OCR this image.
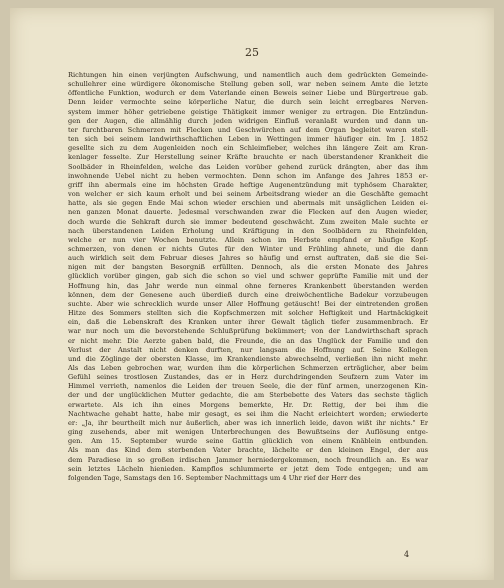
25
Richtungen hin einen verjüngten Aufschwung, und namentlich auch dem gedrückten Gemeinde-
schullehrer eine würdigere ökonomische Stellung geben soll, war neben seinem Amte die letzte
öffentliche Funktion, wodurch er dem Vaterlande einen Beweis seiner Liebe und Bürgertreue gab.
Denn leider vermochte seine körperliche Natur, die durch sein leicht erregbares Nerven-
system immer höher getriebene geistige Thätigkeit immer weniger zu ertragen. Die Entzündun-
gen der Augen, die allmählig durch jeden widrigen Einfluß veranlaßt wurden und dann un-
ter furchtbaren Schmerzen mit Flecken und Geschwürchen auf dem Organ begleitet waren stell-
ten sich bei seinem landwirthschaftlichen Leben in Wettingen immer häufiger ein. Im J. 1852
gesellte sich zu dem Augenleiden noch ein Schleimfieber, welches ihn längere Zeit am Kran-
kenlager fesselte. Zur Herstellung seiner Kräfte brauchte er nach überstandener Krankheit die
Soolbäder in Rheinfelden, welche das Leiden vorüber gehend zurück drängten, aber das ihm
inwohnende Uebel nicht zu heben vermochten. Denn schon im Anfange des Jahres 1853 er-
griff ihn abermals eine im höchsten Grade heftige Augenentzündung mit typhösem Charakter,
von welcher er sich kaum erholt und bei seinem Arbeitsdrang wieder an die Geschäfte gemacht
hatte, als sie gegen Ende Mai schon wieder erschien und abermals mit unsäglichen Leiden ei-
nen ganzen Monat dauerte. Jedesmal verschwanden zwar die Flecken auf den Augen wieder,
doch wurde die Sehkraft durch sie immer bedeutend geschwächt. Zum zweiten Male suchte er
nach überstandenen Leiden Erholung und Kräftigung in den Soolbädern zu Rheinfelden,
welche er nun vier Wochen benutzte. Allein schon im Herbste empfand er häufige Kopf-
schmerzen, von denen er nichts Gutes für den Winter und Frühling ahnete, und die dann
auch wirklich seit dem Februar dieses Jahres so häufig und ernst auftraten, daß sie die Sei-
nigen mit der bangsten Besorgniß erfüllten. Dennoch, als die ersten Monate des Jahres
glücklich vorüber gingen, gab sich die schon so viel und schwer geprüfte Familie mit und der
Hoffnung hin, das Jahr werde nun einmal ohne ferneres Krankenbett überstanden werden
können, dem der Genesene auch überdieß durch eine dreiwöchentliche Badekur vorzubeugen
suchte. Aber wie schrecklich wurde unser Aller Hoffnung getäuscht! Bei der eintretenden großen
Hitze des Sommers stellten sich die Kopfschmerzen mit solcher Heftigkeit und Hartnäckigkeit
ein, daß die Lebenskraft des Kranken unter ihrer Gewalt täglich tiefer zusammenbrach. Er
war nur noch um die bevorstehende Schlußprüfung bekümmert; von der Landwirthschaft sprach
er nicht mehr. Die Aerzte gaben bald, die Freunde, die an das Unglück der Familie und den
Verlust der Anstalt nicht denken durften, nur langsam die Hoffnung auf. Seine Kollegen
und die Zöglinge der obersten Klasse, im Krankendienste abwechselnd, verließen ihn nicht mehr.
Als das Leben gebrochen war, wurden ihm die körperlichen Schmerzen erträglicher, aber beim
Gefühl seines trostlosen Zustandes, das er in Herz durchdringenden Seufzern zum Vater im
Himmel verrieth, namenlos die Leiden der treuen Seele, die der fünf armen, unerzogenen Kin-
der und der unglücklichen Mutter gedachte, die am Sterbebette des Vaters das sechste täglich
erwartete. Als ich ihn eines Morgens bemerkte, Hr. Dr. Rettig, der bei ihm die
Nachtwache gehabt hatte, habe mir gesagt, es sei ihm die Nacht erleichtert worden; erwiederte
er: „Ja, ihr beurtheilt mich nur äußerlich, aber was ich innerlich leide, davon wißt ihr nichts." Er
ging zusehends, aber mit wenigen Unterbrechungen des Bewußtseins der Auflösung entge-
gen. Am 15. September wurde seine Gattin glücklich von einem Knäblein entbunden.
Als man das Kind dem sterbenden Vater brachte, lächelte er den kleinen Engel, der aus
dem Paradiese in so großen irdischen Jammer herniedergekommen, noch freundlich an. Es war
sein letztes Lächeln hienieden. Kampflos schlummerte er jetzt dem Tode entgegen; und am
folgenden Tage, Samstags den 16. September Nachmittags um 4 Uhr rief der Herr des
4
